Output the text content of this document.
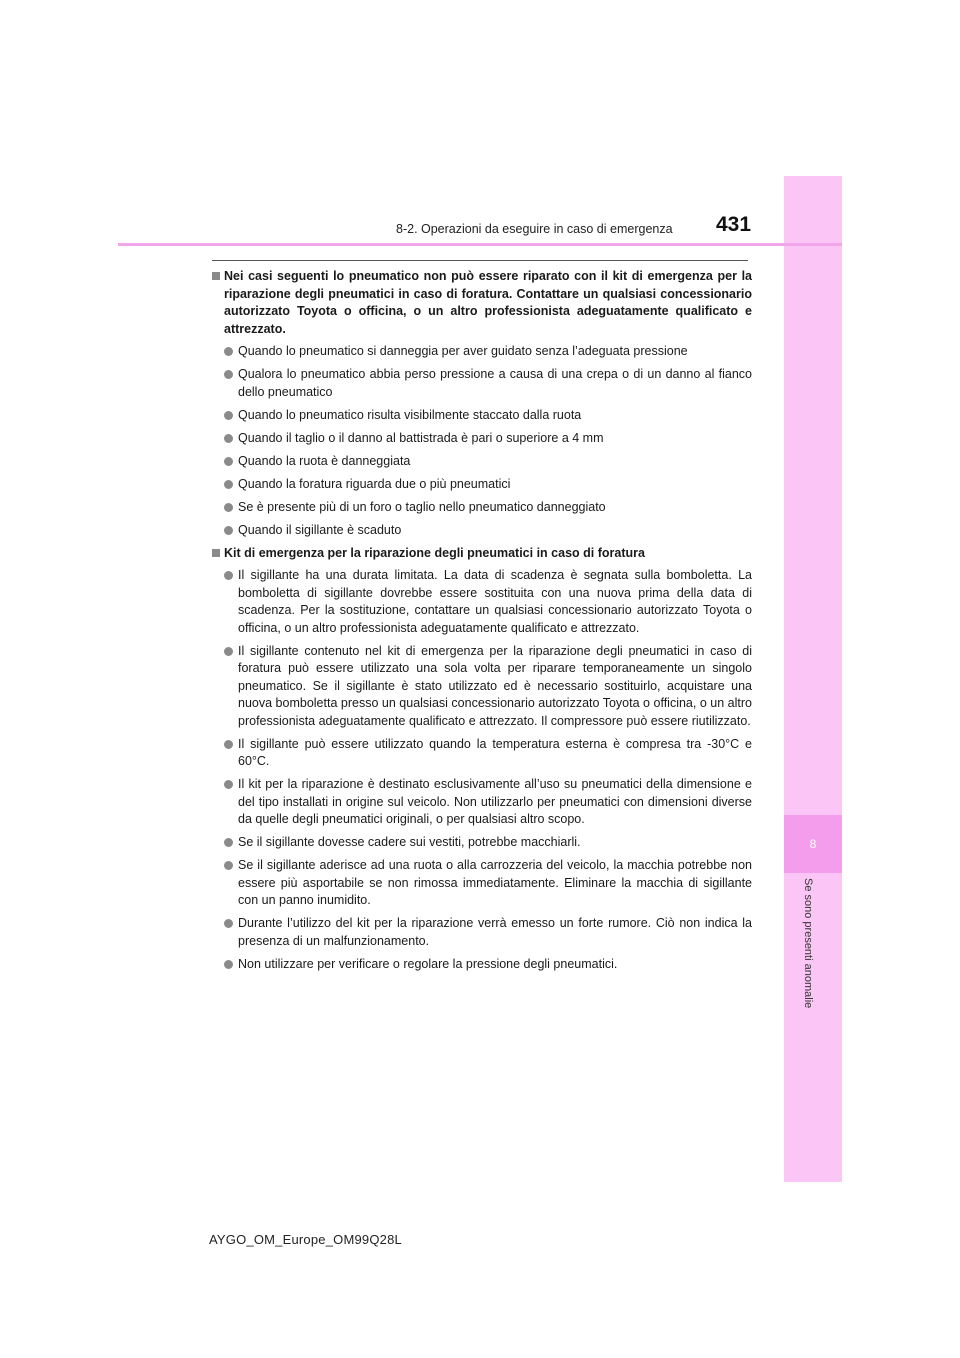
8
Se sono presenti anomalie
8-2. Operazioni da eseguire in caso di emergenza 431
Nei casi seguenti lo pneumatico non può essere riparato con il kit di emergenza per la riparazione degli pneumatici in caso di foratura. Contattare un qualsiasi concessionario autorizzato Toyota o officina, o un altro professionista adeguatamente qualificato e attrezzato.
Quando lo pneumatico si danneggia per aver guidato senza l’adeguata pressione
Qualora lo pneumatico abbia perso pressione a causa di una crepa o di un danno al fianco dello pneumatico
Quando lo pneumatico risulta visibilmente staccato dalla ruota
Quando il taglio o il danno al battistrada è pari o superiore a 4 mm
Quando la ruota è danneggiata
Quando la foratura riguarda due o più pneumatici
Se è presente più di un foro o taglio nello pneumatico danneggiato
Quando il sigillante è scaduto
Kit di emergenza per la riparazione degli pneumatici in caso di foratura
Il sigillante ha una durata limitata. La data di scadenza è segnata sulla bomboletta. La bomboletta di sigillante dovrebbe essere sostituita con una nuova prima della data di scadenza. Per la sostituzione, contattare un qualsiasi concessionario autorizzato Toyota o officina, o un altro professionista adeguatamente qualificato e attrezzato.
Il sigillante contenuto nel kit di emergenza per la riparazione degli pneumatici in caso di foratura può essere utilizzato una sola volta per riparare temporaneamente un singolo pneumatico. Se il sigillante è stato utilizzato ed è necessario sostituirlo, acquistare una nuova bomboletta presso un qualsiasi concessionario autorizzato Toyota o officina, o un altro professionista adeguatamente qualificato e attrezzato. Il compressore può essere riutilizzato.
Il sigillante può essere utilizzato quando la temperatura esterna è compresa tra -30°C e 60°C.
Il kit per la riparazione è destinato esclusivamente all’uso su pneumatici della dimensione e del tipo installati in origine sul veicolo. Non utilizzarlo per pneumatici con dimensioni diverse da quelle degli pneumatici originali, o per qualsiasi altro scopo.
Se il sigillante dovesse cadere sui vestiti, potrebbe macchiarli.
Se il sigillante aderisce ad una ruota o alla carrozzeria del veicolo, la macchia potrebbe non essere più asportabile se non rimossa immediatamente. Eliminare la macchia di sigillante con un panno inumidito.
Durante l’utilizzo del kit per la riparazione verrà emesso un forte rumore. Ciò non indica la presenza di un malfunzionamento.
Non utilizzare per verificare o regolare la pressione degli pneumatici.
AYGO_OM_Europe_OM99Q28L
